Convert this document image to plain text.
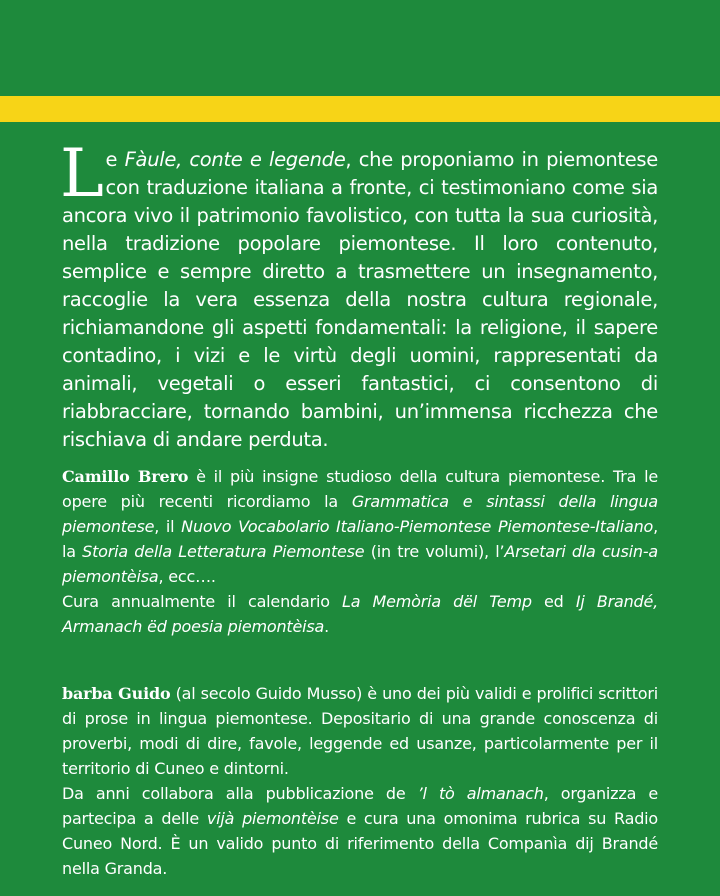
Le Fàule, conte e legende, che proponiamo in piemontese con traduzione italiana a fronte, ci testimoniano come sia ancora vivo il patrimonio favolistico, con tutta la sua curiosità, nella tradizione popolare piemontese. Il loro contenuto, semplice e sempre diretto a trasmettere un insegnamento, raccoglie la vera essenza della nostra cultura regionale, richiamandone gli aspetti fondamentali: la religione, il sapere contadino, i vizi e le virtù degli uomini, rappresentati da animali, vegetali o esseri fantastici, ci consentono di riabbracciare, tornando bambini, un’immensa ricchezza che rischiava di andare perduta.

Camillo Brero è il più insigne studioso della cultura piemontese. Tra le opere più recenti ricordiamo la Grammatica e sintassi della lingua piemontese, il Nuovo Vocabolario Italiano-Piemontese Piemontese-Italiano, la Storia della Letteratura Piemontese (in tre volumi), l’Arsetari dla cusin-a piemontèisa, ecc….

Cura annualmente il calendario La Memòria dël Temp ed Ij Brandé, Armanach ëd poesia piemontèisa.

barba Guido (al secolo Guido Musso) è uno dei più validi e prolifici scrittori di prose in lingua piemontese. Depositario di una grande conoscenza di proverbi, modi di dire, favole, leggende ed usanze, particolarmente per il territorio di Cuneo e dintorni.

Da anni collabora alla pubblicazione de ’l tò almanach, organizza e partecipa a delle vijà piemontèise e cura una omonima rubrica su Radio Cuneo Nord. È un valido punto di riferimento della Companìa dij Brandé nella Granda.
